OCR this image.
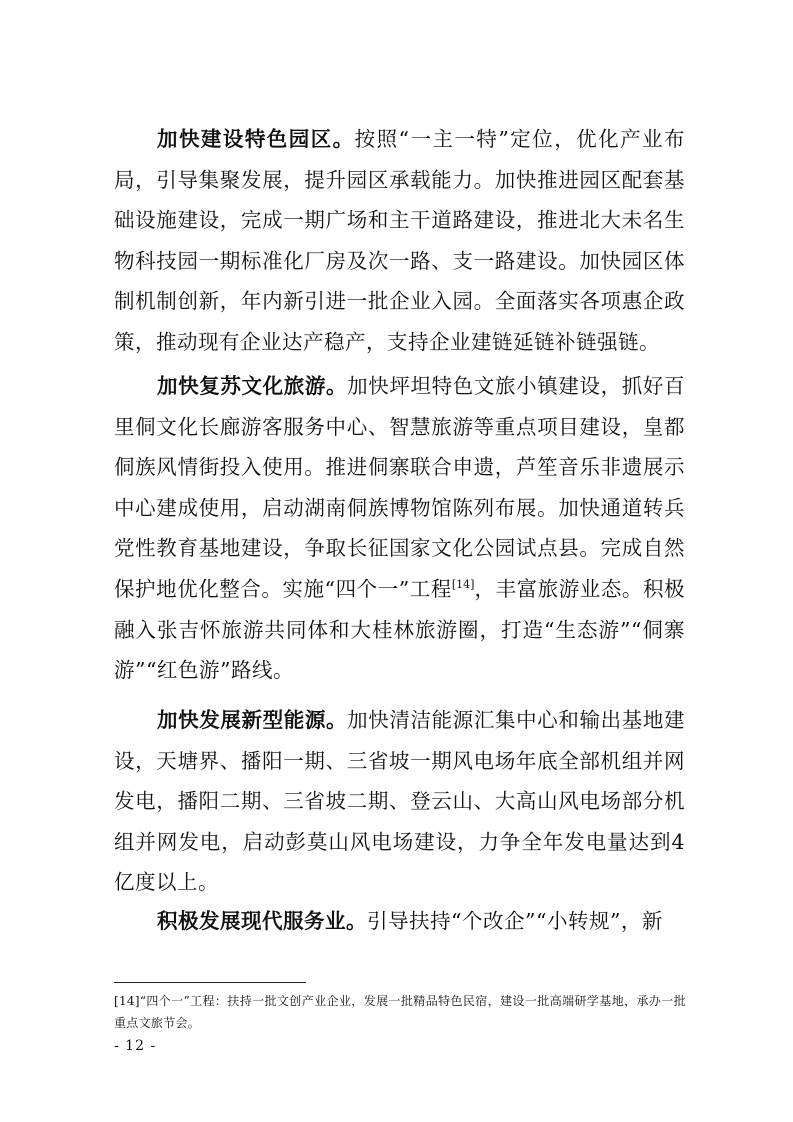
加快建设特色园区。按照“一主一特”定位，优化产业布局，引导集聚发展，提升园区承载能力。加快推进园区配套基础设施建设，完成一期广场和主干道路建设，推进北大未名生物科技园一期标准化厂房及次一路、支一路建设。加快园区体制机制创新，年内新引进一批企业入园。全面落实各项惠企政策，推动现有企业达产稳产，支持企业建链延链补链强链。

加快复苏文化旅游。加快坪坦特色文旅小镇建设，抓好百里侗文化长廊游客服务中心、智慧旅游等重点项目建设，皇都侗族风情街投入使用。推进侗寨联合申遗，芦笙音乐非遗展示中心建成使用，启动湖南侗族博物馆陈列布展。加快通道转兵党性教育基地建设，争取长征国家文化公园试点县。完成自然保护地优化整合。实施“四个一”工程[14]，丰富旅游业态。积极融入张吉怀旅游共同体和大桂林旅游圈，打造“生态游”“侗寨游”“红色游”路线。

加快发展新型能源。加快清洁能源汇集中心和输出基地建设，天塘界、播阳一期、三省坡一期风电场年底全部机组并网发电，播阳二期、三省坡二期、登云山、大高山风电场部分机组并网发电，启动彭莫山风电场建设，力争全年发电量达到4亿度以上。

积极发展现代服务业。引导扶持“个改企”“小转规”，新

[14]“四个一”工程：扶持一批文创产业企业，发展一批精品特色民宿，建设一批高端研学基地，承办一批重点文旅节会。

- 12 -
